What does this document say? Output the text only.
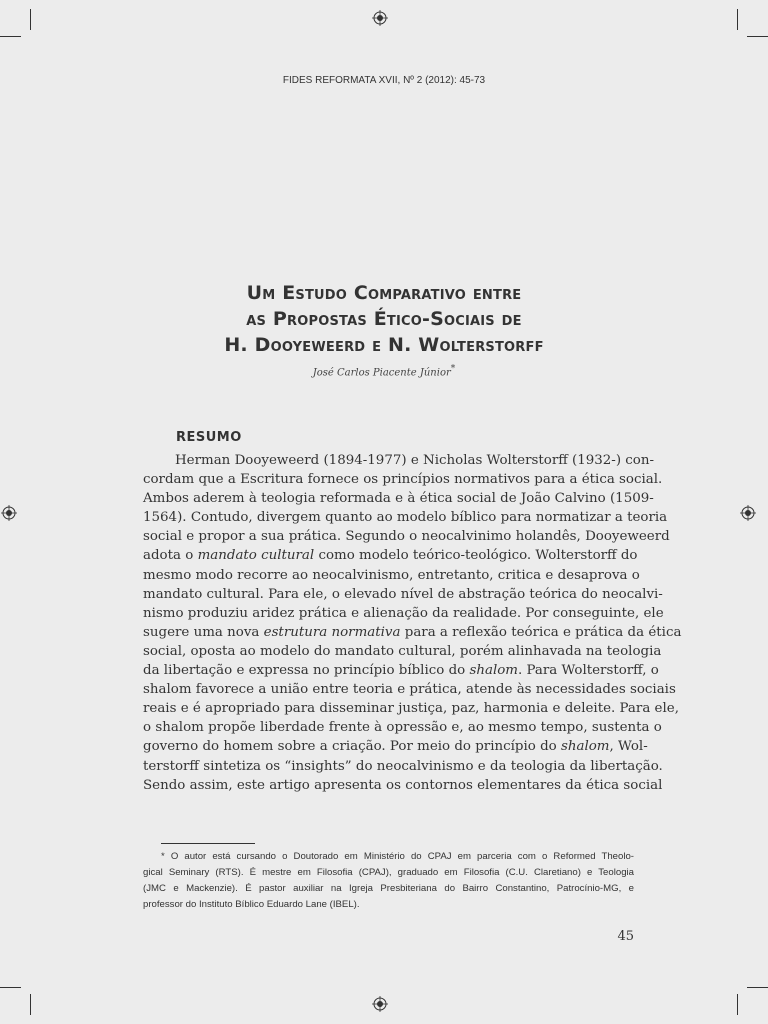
FIDES REFORMATA XVII, Nº 2 (2012): 45-73
Um Estudo Comparativo entre
as Propostas Ético-Sociais de
H. Dooyeweerd e N. Wolterstorff
José Carlos Piacente Júnior*
RESUMO
Herman Dooyeweerd (1894-1977) e Nicholas Wolterstorff (1932-) con-
cordam que a Escritura fornece os princípios normativos para a ética social.
Ambos aderem à teologia reformada e à ética social de João Calvino (1509-
1564). Contudo, divergem quanto ao modelo bíblico para normatizar a teoria
social e propor a sua prática. Segundo o neocalvinimo holandês, Dooyeweerd
adota o mandato cultural como modelo teórico-teológico. Wolterstorff do
mesmo modo recorre ao neocalvinismo, entretanto, critica e desaprova o
mandato cultural. Para ele, o elevado nível de abstração teórica do neocalvi-
nismo produziu aridez prática e alienação da realidade. Por conseguinte, ele
sugere uma nova estrutura normativa para a reflexão teórica e prática da ética
social, oposta ao modelo do mandato cultural, porém alinhavada na teologia
da libertação e expressa no princípio bíblico do shalom. Para Wolterstorff, o
shalom favorece a união entre teoria e prática, atende às necessidades sociais
reais e é apropriado para disseminar justiça, paz, harmonia e deleite. Para ele,
o shalom propõe liberdade frente à opressão e, ao mesmo tempo, sustenta o
governo do homem sobre a criação. Por meio do princípio do shalom, Wol-
terstorff sintetiza os “insights” do neocalvinismo e da teologia da libertação.
Sendo assim, este artigo apresenta os contornos elementares da ética social
* O autor está cursando o Doutorado em Ministério do CPAJ em parceria com o Reformed Theolo-
gical Seminary (RTS). É mestre em Filosofia (CPAJ), graduado em Filosofia (C.U. Claretiano) e Teologia
(JMC e Mackenzie). É pastor auxiliar na Igreja Presbiteriana do Bairro Constantino, Patrocínio-MG, e
professor do Instituto Bíblico Eduardo Lane (IBEL).
45
